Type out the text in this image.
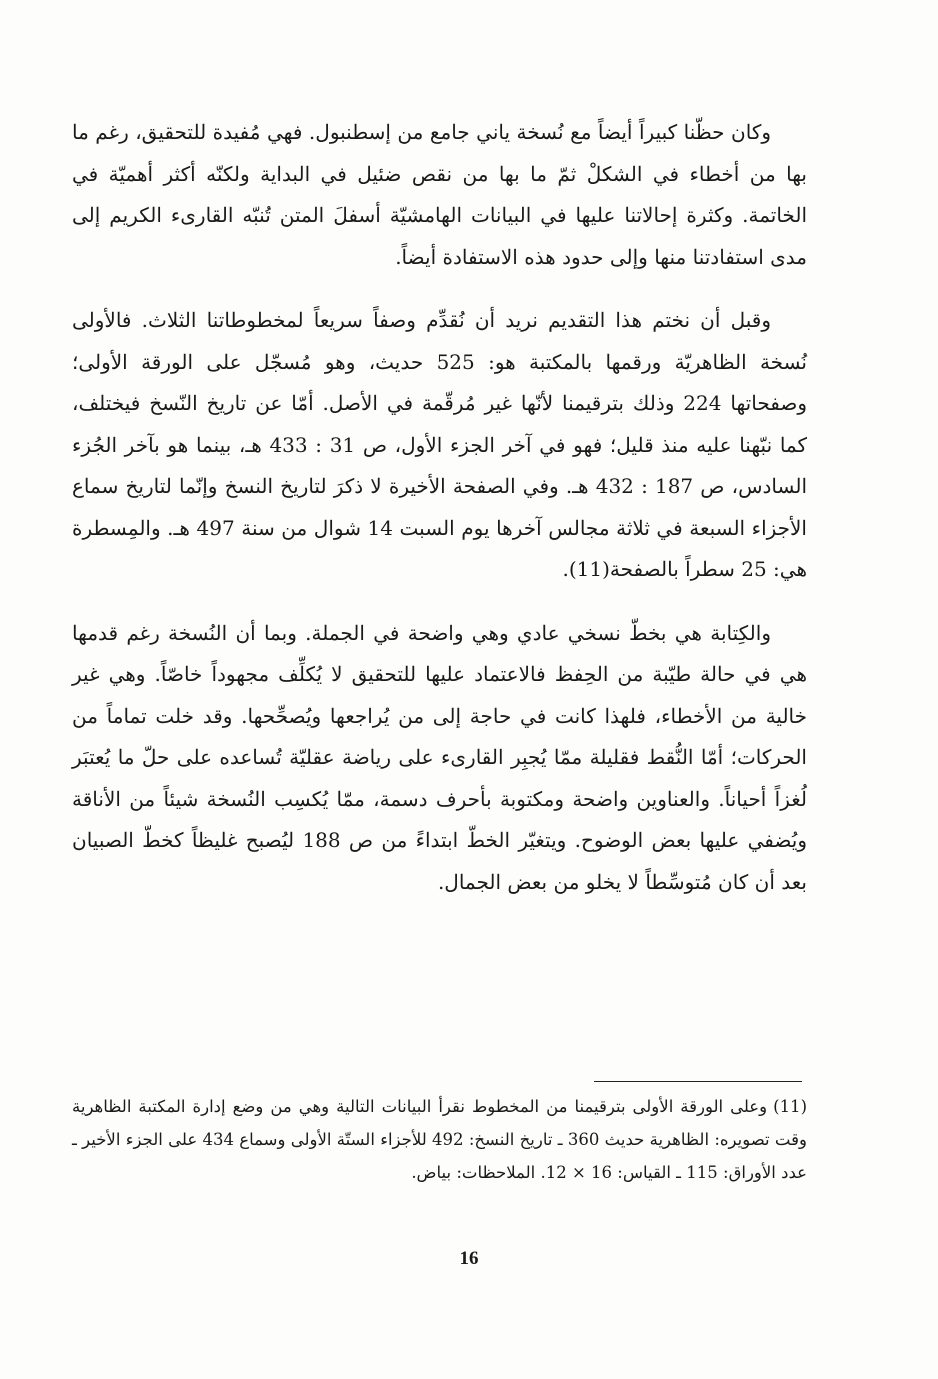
وكان حظّنا كبيراً أيضاً مع نُسخة ياني جامع من إسطنبول. فهي مُفيدة للتحقيق، رغم ما بها من أخطاء في الشكلْ ثمّ ما بها من نقص ضئيل في البداية ولكنّه أكثر أهميّة في الخاتمة. وكثرة إحالاتنا عليها في البيانات الهامشيّة أسفلَ المتن تُنبّه القارىء الكريم إلى مدى استفادتنا منها وإلى حدود هذه الاستفادة أيضاً.

وقبل أن نختم هذا التقديم نريد أن نُقدِّم وصفاً سريعاً لمخطوطاتنا الثلاث. فالأولى نُسخة الظاهريّة ورقمها بالمكتبة هو: 525 حديث، وهو مُسجّل على الورقة الأولى؛ وصفحاتها 224 وذلك بترقيمنا لأنّها غير مُرقّمة في الأصل. أمّا عن تاريخ النّسخ فيختلف، كما نبّهنا عليه منذ قليل؛ فهو في آخر الجزء الأول، ص 31 : 433 هـ، بينما هو بآخر الجُزء السادس، ص 187 : 432 هـ. وفي الصفحة الأخيرة لا ذكرَ لتاريخ النسخ وإنّما لتاريخ سماع الأجزاء السبعة في ثلاثة مجالس آخرها يوم السبت 14 شوال من سنة 497 هـ. والمِسطرة هي: 25 سطراً بالصفحة(11).

والكِتابة هي بخطّ نسخي عادي وهي واضحة في الجملة. وبما أن النُسخة رغم قدمها هي في حالة طيّبة من الحِفظ فالاعتماد عليها للتحقيق لا يُكلِّف مجهوداً خاصّاً. وهي غير خالية من الأخطاء، فلهذا كانت في حاجة إلى من يُراجعها ويُصحِّحها. وقد خلت تماماً من الحركات؛ أمّا النُّقط فقليلة ممّا يُجبِر القارىء على رياضة عقليّة تُساعده على حلّ ما يُعتبَر لُغزاً أحياناً. والعناوين واضحة ومكتوبة بأحرف دسمة، ممّا يُكسِب النُسخة شيئاً من الأناقة ويُضفي عليها بعض الوضوح. ويتغيّر الخطّ ابتداءً من ص 188 ليُصبح غليظاً كخطّ الصبيان بعد أن كان مُتوسِّطاً لا يخلو من بعض الجمال.

(11)وعلى الورقة الأولى بترقيمنا من المخطوط نقرأ البيانات التالية وهي من وضع إدارة المكتبة الظاهرية وقت تصويره: الظاهرية حديث 360 ـ تاريخ النسخ: 492 للأجزاء الستّة الأولى وسماع 434 على الجزء الأخير ـ عدد الأوراق: 115 ـ القياس: 16 × 12. الملاحظات: بياض.

16
